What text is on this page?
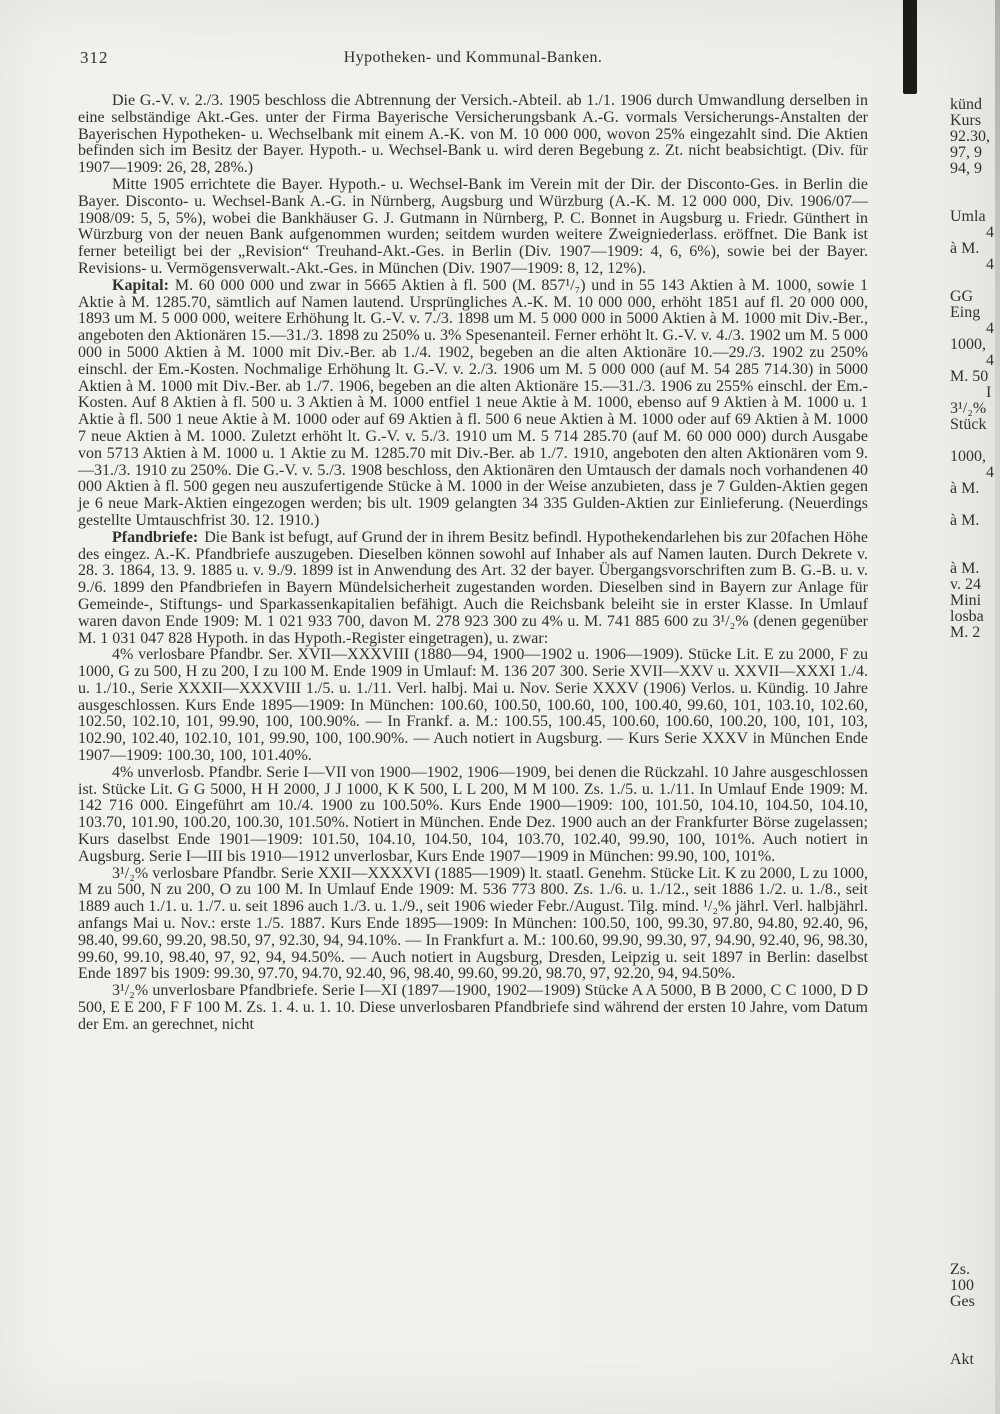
312	Hypotheken- und Kommunal-Banken.

Die G.-V. v. 2./3. 1905 beschloss die Abtrennung der Versich.-Abteil. ab 1./1. 1906 durch Umwandlung derselben in eine selbständige Akt.-Ges. unter der Firma Bayerische Versicherungsbank A.-G. vormals Versicherungs-Anstalten der Bayerischen Hypotheken- u. Wechselbank mit einem A.-K. von M. 10 000 000, wovon 25% eingezahlt sind. Die Aktien befinden sich im Besitz der Bayer. Hypoth.- u. Wechsel-Bank u. wird deren Begebung z. Zt. nicht beabsichtigt. (Div. für 1907—1909: 26, 28, 28%.)

Mitte 1905 errichtete die Bayer. Hypoth.- u. Wechsel-Bank im Verein mit der Dir. der Disconto-Ges. in Berlin die Bayer. Disconto- u. Wechsel-Bank A.-G. in Nürnberg, Augsburg und Würzburg (A.-K. M. 12 000 000, Div. 1906/07—1908/09: 5, 5, 5%), wobei die Bankhäuser G. J. Gutmann in Nürnberg, P. C. Bonnet in Augsburg u. Friedr. Günthert in Würzburg von der neuen Bank aufgenommen wurden; seitdem wurden weitere Zweigniederlass. eröffnet. Die Bank ist ferner beteiligt bei der „Revision“ Treuhand-Akt.-Ges. in Berlin (Div. 1907—1909: 4, 6, 6%), sowie bei der Bayer. Revisions- u. Vermögensverwalt.-Akt.-Ges. in München (Div. 1907—1909: 8, 12, 12%).

Kapital: M. 60 000 000 und zwar in 5665 Aktien à fl. 500 (M. 857¹/₇) und in 55 143 Aktien à M. 1000, sowie 1 Aktie à M. 1285.70, sämtlich auf Namen lautend. Ursprüngliches A.-K. M. 10 000 000, erhöht 1851 auf fl. 20 000 000, 1893 um M. 5 000 000, weitere Erhöhung lt. G.-V. v. 7./3. 1898 um M. 5 000 000 in 5000 Aktien à M. 1000 mit Div.-Ber., angeboten den Aktionären 15.—31./3. 1898 zu 250% u. 3% Spesenanteil. Ferner erhöht lt. G.-V. v. 4./3. 1902 um M. 5 000 000 in 5000 Aktien à M. 1000 mit Div.-Ber. ab 1./4. 1902, begeben an die alten Aktionäre 10.—29./3. 1902 zu 250% einschl. der Em.-Kosten. Nochmalige Erhöhung lt. G.-V. v. 2./3. 1906 um M. 5 000 000 (auf M. 54 285 714.30) in 5000 Aktien à M. 1000 mit Div.-Ber. ab 1./7. 1906, begeben an die alten Aktionäre 15.—31./3. 1906 zu 255% einschl. der Em.-Kosten. Auf 8 Aktien à fl. 500 u. 3 Aktien à M. 1000 entfiel 1 neue Aktie à M. 1000, ebenso auf 9 Aktien à M. 1000 u. 1 Aktie à fl. 500 1 neue Aktie à M. 1000 oder auf 69 Aktien à fl. 500 6 neue Aktien à M. 1000 oder auf 69 Aktien à M. 1000 7 neue Aktien à M. 1000. Zuletzt erhöht lt. G.-V. v. 5./3. 1910 um M. 5 714 285.70 (auf M. 60 000 000) durch Ausgabe von 5713 Aktien à M. 1000 u. 1 Aktie zu M. 1285.70 mit Div.-Ber. ab 1./7. 1910, angeboten den alten Aktionären vom 9.—31./3. 1910 zu 250%. Die G.-V. v. 5./3. 1908 beschloss, den Aktionären den Umtausch der damals noch vorhandenen 40 000 Aktien à fl. 500 gegen neu auszufertigende Stücke à M. 1000 in der Weise anzubieten, dass je 7 Gulden-Aktien gegen je 6 neue Mark-Aktien eingezogen werden; bis ult. 1909 gelangten 34 335 Gulden-Aktien zur Einlieferung. (Neuerdings gestellte Umtauschfrist 30. 12. 1910.)

Pfandbriefe: Die Bank ist befugt, auf Grund der in ihrem Besitz befindl. Hypothekendarlehen bis zur 20fachen Höhe des eingez. A.-K. Pfandbriefe auszugeben. Dieselben können sowohl auf Inhaber als auf Namen lauten. Durch Dekrete v. 28. 3. 1864, 13. 9. 1885 u. v. 9./9. 1899 ist in Anwendung des Art. 32 der bayer. Übergangsvorschriften zum B. G.-B. u. v. 9./6. 1899 den Pfandbriefen in Bayern Mündelsicherheit zugestanden worden. Dieselben sind in Bayern zur Anlage für Gemeinde-, Stiftungs- und Sparkassenkapitalien befähigt. Auch die Reichsbank beleiht sie in erster Klasse. In Umlauf waren davon Ende 1909: M. 1 021 933 700, davon M. 278 923 300 zu 4% u. M. 741 885 600 zu 3¹/₂% (denen gegenüber M. 1 031 047 828 Hypoth. in das Hypoth.-Register eingetragen), u. zwar:

4% verlosbare Pfandbr. Ser. XVII—XXXVIII (1880—94, 1900—1902 u. 1906—1909). Stücke Lit. E zu 2000, F zu 1000, G zu 500, H zu 200, I zu 100 M. Ende 1909 in Umlauf: M. 136 207 300. Serie XVII—XXV u. XXVII—XXXI 1./4. u. 1./10., Serie XXXII—XXXVIII 1./5. u. 1./11. Verl. halbj. Mai u. Nov. Serie XXXV (1906) Verlos. u. Kündig. 10 Jahre ausgeschlossen. Kurs Ende 1895—1909: In München: 100.60, 100.50, 100.60, 100, 100.40, 99.60, 101, 103.10, 102.60, 102.50, 102.10, 101, 99.90, 100, 100.90%. — In Frankf. a. M.: 100.55, 100.45, 100.60, 100.60, 100.20, 100, 101, 103, 102.90, 102.40, 102.10, 101, 99.90, 100, 100.90%. — Auch notiert in Augsburg. — Kurs Serie XXXV in München Ende 1907—1909: 100.30, 100, 101.40%.

4% unverlosb. Pfandbr. Serie I—VII von 1900—1902, 1906—1909, bei denen die Rückzahl. 10 Jahre ausgeschlossen ist. Stücke Lit. G G 5000, H H 2000, J J 1000, K K 500, L L 200, M M 100. Zs. 1./5. u. 1./11. In Umlauf Ende 1909: M. 142 716 000. Eingeführt am 10./4. 1900 zu 100.50%. Kurs Ende 1900—1909: 100, 101.50, 104.10, 104.50, 104.10, 103.70, 101.90, 100.20, 100.30, 101.50%. Notiert in München. Ende Dez. 1900 auch an der Frankfurter Börse zugelassen; Kurs daselbst Ende 1901—1909: 101.50, 104.10, 104.50, 104, 103.70, 102.40, 99.90, 100, 101%. Auch notiert in Augsburg. Serie I—III bis 1910—1912 unverlosbar, Kurs Ende 1907—1909 in München: 99.90, 100, 101%.

3¹/₂% verlosbare Pfandbr. Serie XXII—XXXXVI (1885—1909) lt. staatl. Genehm. Stücke Lit. K zu 2000, L zu 1000, M zu 500, N zu 200, O zu 100 M. In Umlauf Ende 1909: M. 536 773 800. Zs. 1./6. u. 1./12., seit 1886 1./2. u. 1./8., seit 1889 auch 1./1. u. 1./7. u. seit 1896 auch 1./3. u. 1./9., seit 1906 wieder Febr./August. Tilg. mind. ¹/₂% jährl. Verl. halbjährl. anfangs Mai u. Nov.: erste 1./5. 1887. Kurs Ende 1895—1909: In München: 100.50, 100, 99.30, 97.80, 94.80, 92.40, 96, 98.40, 99.60, 99.20, 98.50, 97, 92.30, 94, 94.10%. — In Frankfurt a. M.: 100.60, 99.90, 99.30, 97, 94.90, 92.40, 96, 98.30, 99.60, 99.10, 98.40, 97, 92, 94, 94.50%. — Auch notiert in Augsburg, Dresden, Leipzig u. seit 1897 in Berlin: daselbst Ende 1897 bis 1909: 99.30, 97.70, 94.70, 92.40, 96, 98.40, 99.60, 99.20, 98.70, 97, 92.20, 94, 94.50%.

3¹/₂% unverlosbare Pfandbriefe. Serie I—XI (1897—1900, 1902—1909) Stücke A A 5000, B B 2000, C C 1000, D D 500, E E 200, F F 100 M. Zs. 1. 4. u. 1. 10. Diese unverlosbaren Pfandbriefe sind während der ersten 10 Jahre, vom Datum der Em. an gerechnet, nicht

künd
Kurs
92.30,
97, 9
94, 9
Umla
4
à M.
4
GG
Eing
4
1000,
4
M. 50
I
3¹/₂%
Stück
1000,
4
à M.
à M.
à M.
v. 24
Mini
losba
M. 2
Zs.
100
Ges
Akt
